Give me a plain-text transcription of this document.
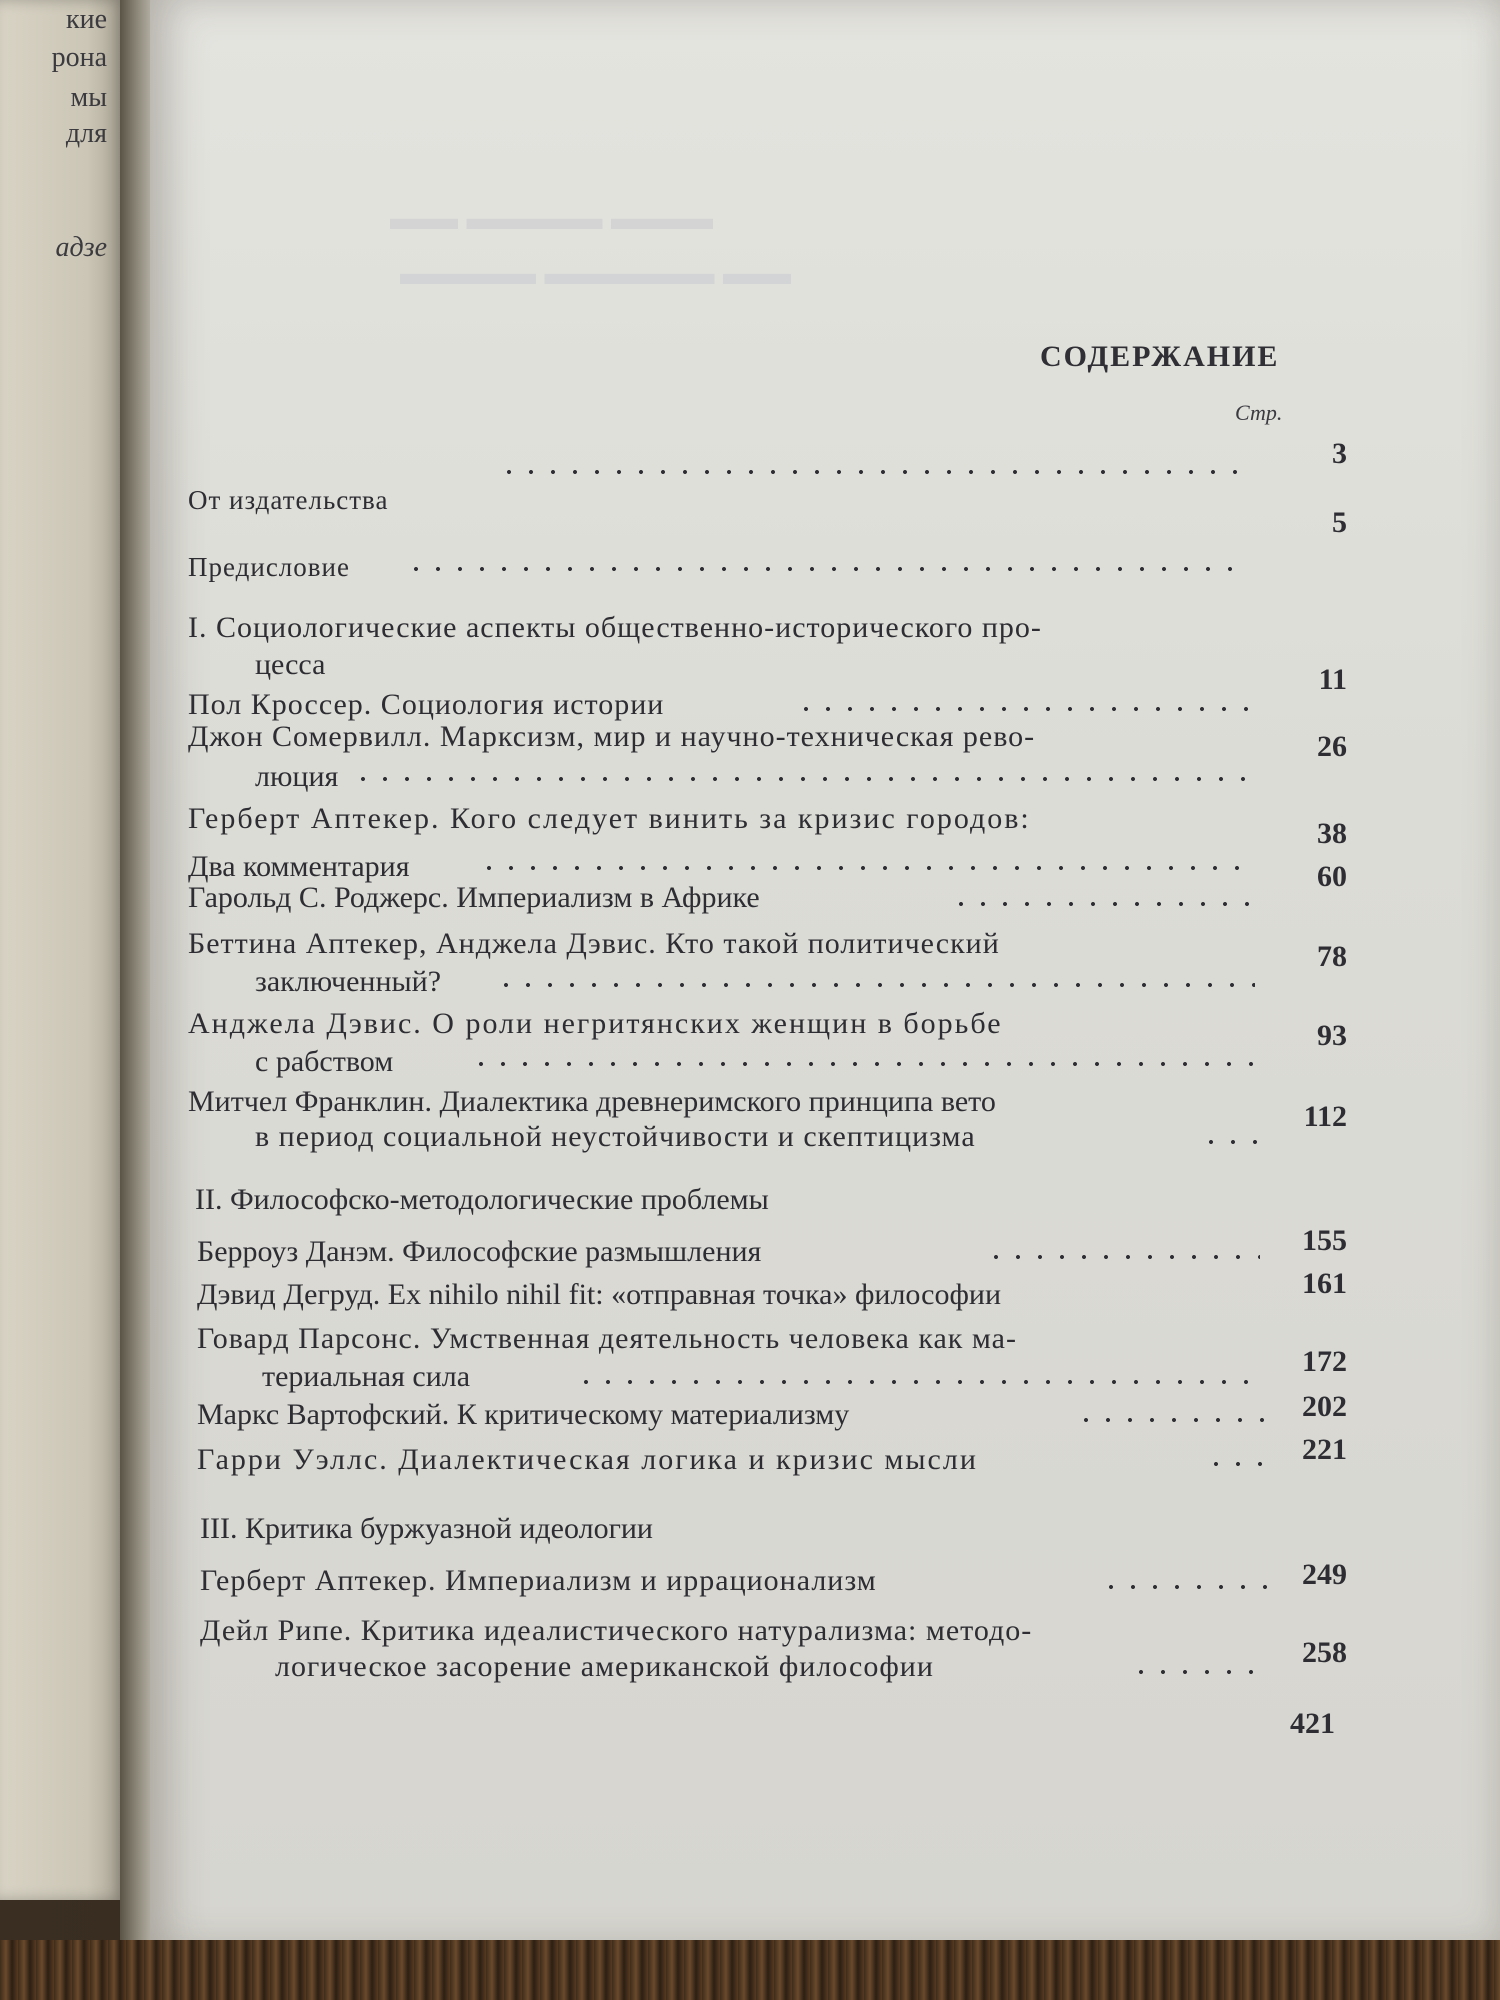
кие
рона
мы
для
адзе
▬▬ ▬▬▬▬ ▬▬▬
▬▬▬▬ ▬▬▬▬▬ ▬▬
СОДЕРЖАНИЕ
Стр.
От издательства
3
Предисловие
5
I. Социологические аспекты общественно-исторического про-
цесса
Пол Кроссер. Социология истории
11
Джон Сомервилл. Марксизм, мир и научно-техническая рево-
люция
26
Герберт Аптекер. Кого следует винить за кризис городов:
Два комментария
38
Гарольд С. Роджерс. Империализм в Африке
60
Беттина Аптекер, Анджела Дэвис. Кто такой политический
заключенный?
78
Анджела Дэвис. О роли негритянских женщин в борьбе
с рабством
93
Митчел Франклин. Диалектика древнеримского принципа вето
в период социальной неустойчивости и скептицизма
112
II. Философско-методологические проблемы
Берроуз Данэм. Философские размышления	155
Дэвид Дегруд. Ex nihilo nihil fit: «отправная точка» философии	161
Говард Парсонс. Умственная деятельность человека как ма-
териальная сила	172
Маркс Вартофский. К критическому материализму	202
Гарри Уэллс. Диалектическая логика и кризис мысли	221
III. Критика буржуазной идеологии
Герберт Аптекер. Империализм и иррационализм	249
Дейл Рипе. Критика идеалистического натурализма: методо-
логическое засорение американской философии	258
421
